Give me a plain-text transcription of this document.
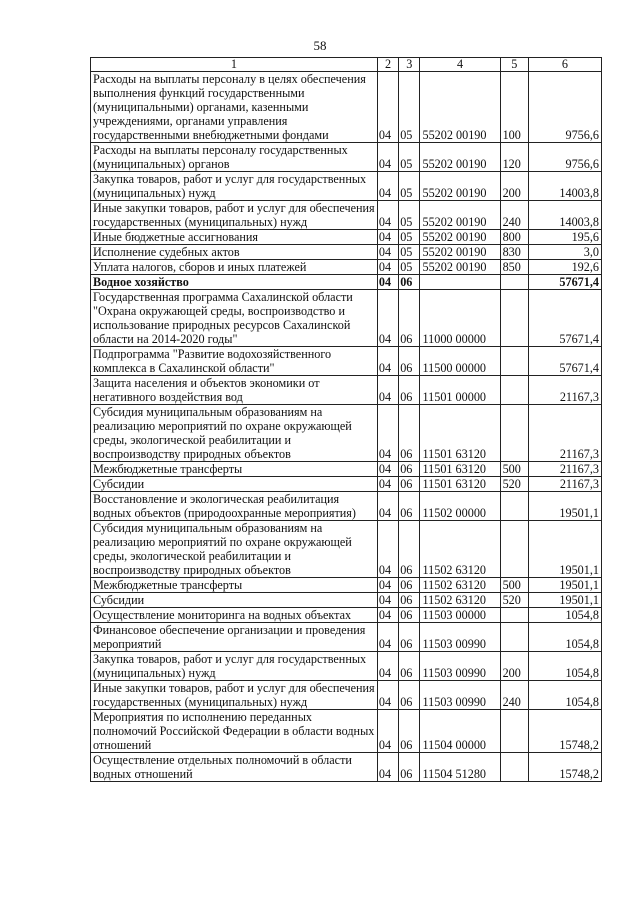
58
1	2	3	4	5	6
Расходы на выплаты персоналу в целях обеспечения выполнения функций государственными (муниципальными) органами, казенными учреждениями, органами управления государственными внебюджетными фондами	04	05	55202 00190	100	9756,6
Расходы на выплаты персоналу государственных (муниципальных) органов	04	05	55202 00190	120	9756,6
Закупка товаров, работ и услуг для государственных (муниципальных) нужд	04	05	55202 00190	200	14003,8
Иные закупки товаров, работ и услуг для обеспечения государственных (муниципальных) нужд	04	05	55202 00190	240	14003,8
Иные бюджетные ассигнования	04	05	55202 00190	800	195,6
Исполнение судебных актов	04	05	55202 00190	830	3,0
Уплата налогов, сборов и иных платежей	04	05	55202 00190	850	192,6
Водное хозяйство	04	06			57671,4
Государственная программа Сахалинской области "Охрана окружающей среды, воспроизводство и использование природных ресурсов Сахалинской области на 2014-2020 годы"	04	06	11000 00000		57671,4
Подпрограмма "Развитие водохозяйственного комплекса в Сахалинской области"	04	06	11500 00000		57671,4
Защита населения и объектов экономики от негативного воздействия вод	04	06	11501 00000		21167,3
Субсидия муниципальным образованиям на реализацию мероприятий по охране окружающей среды, экологической реабилитации и воспроизводству природных объектов	04	06	11501 63120		21167,3
Межбюджетные трансферты	04	06	11501 63120	500	21167,3
Субсидии	04	06	11501 63120	520	21167,3
Восстановление и экологическая реабилитация водных объектов (природоохранные мероприятия)	04	06	11502 00000		19501,1
Субсидия муниципальным образованиям на реализацию мероприятий по охране окружающей среды, экологической реабилитации и воспроизводству природных объектов	04	06	11502 63120		19501,1
Межбюджетные трансферты	04	06	11502 63120	500	19501,1
Субсидии	04	06	11502 63120	520	19501,1
Осуществление мониторинга на водных объектах	04	06	11503 00000		1054,8
Финансовое обеспечение организации и проведения мероприятий	04	06	11503 00990		1054,8
Закупка товаров, работ и услуг для государственных (муниципальных) нужд	04	06	11503 00990	200	1054,8
Иные закупки товаров, работ и услуг для обеспечения государственных (муниципальных) нужд	04	06	11503 00990	240	1054,8
Мероприятия по исполнению переданных полномочий Российской Федерации в области водных отношений	04	06	11504 00000		15748,2
Осуществление отдельных полномочий в области водных отношений	04	06	11504 51280		15748,2
